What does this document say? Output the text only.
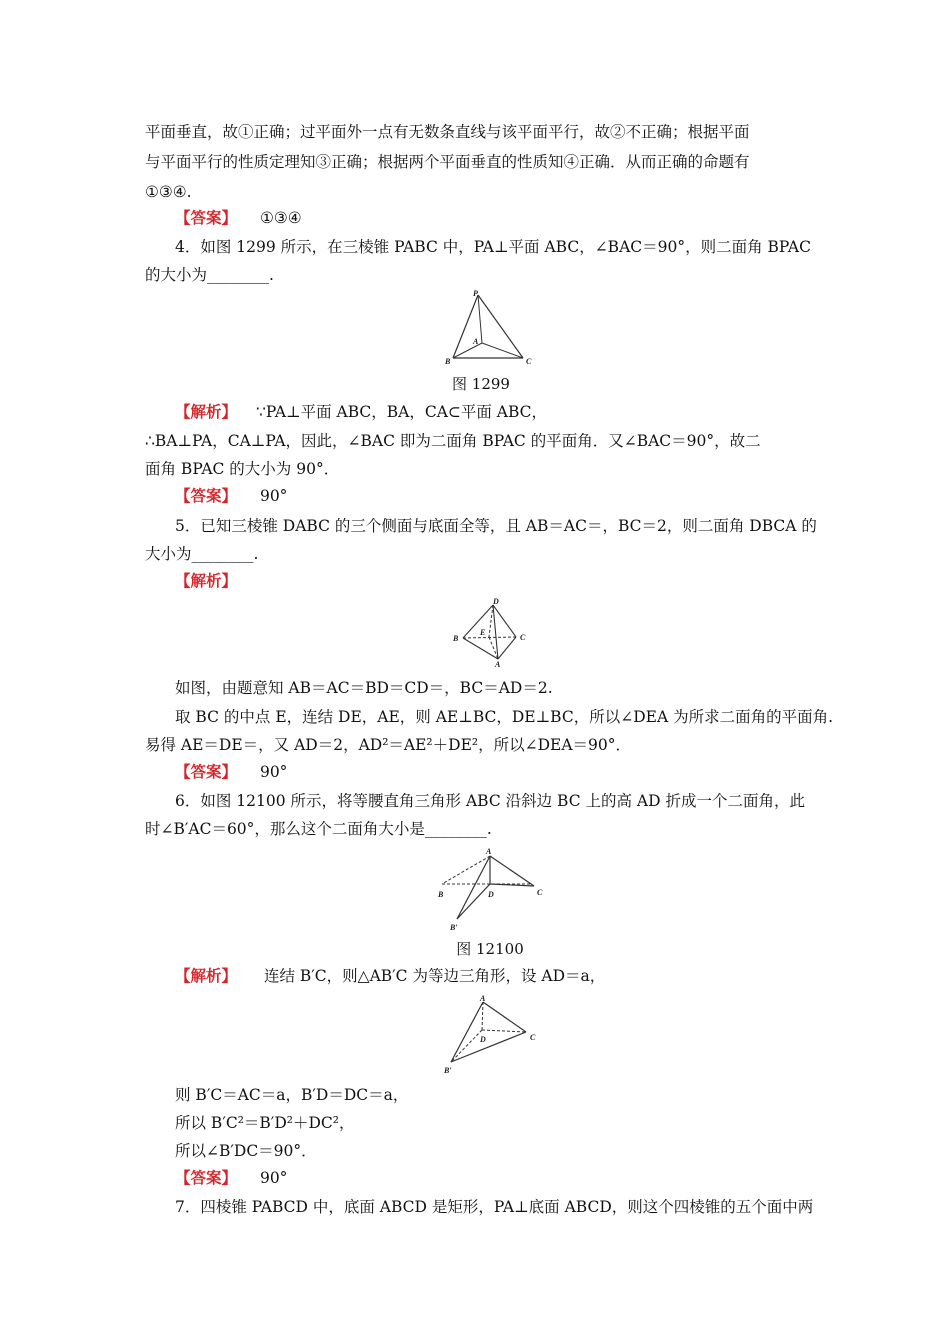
平面垂直，故①正确；过平面外一点有无数条直线与该平面平行，故②不正确；根据平面
与平面平行的性质定理知③正确；根据两个平面垂直的性质知④正确．从而正确的命题有
①③④.
【答案】 ①③④
4．如图 1299 所示，在三棱锥 PABC 中，PA⊥平面 ABC，∠BAC＝90°，则二面角 BPAC
的大小为________.
P
A
B	C
图 1299
【解析】 ∵PA⊥平面 ABC，BA，CA⊂平面 ABC，
∴BA⊥PA，CA⊥PA，因此，∠BAC 即为二面角 BPAC 的平面角．又∠BAC＝90°，故二
面角 BPAC 的大小为 90°．
【答案】 90°
5．已知三棱锥 DABC 的三个侧面与底面全等，且 AB＝AC＝，BC＝2，则二面角 DBCA 的
大小为________.
【解析】
D
E
B	C
A
如图，由题意知 AB＝AC＝BD＝CD＝，BC＝AD＝2.
取 BC 的中点 E，连结 DE，AE，则 AE⊥BC，DE⊥BC，所以∠DEA 为所求二面角的平面角.
易得 AE＝DE＝，又 AD＝2，AD²＝AE²＋DE²，所以∠DEA＝90°．
【答案】 90°
6．如图 12100 所示，将等腰直角三角形 ABC 沿斜边 BC 上的高 AD 折成一个二面角，此
时∠B′AC＝60°，那么这个二面角大小是________.
A
B	D	C
B′
图 12100
【解析】 连结 B′C，则△AB′C 为等边三角形，设 AD＝a，
A
D	C
B′
则 B′C＝AC＝a，B′D＝DC＝a，
所以 B′C²＝B′D²＋DC²，
所以∠B′DC＝90°．
【答案】 90°
7．四棱锥 PABCD 中，底面 ABCD 是矩形，PA⊥底面 ABCD，则这个四棱锥的五个面中两
